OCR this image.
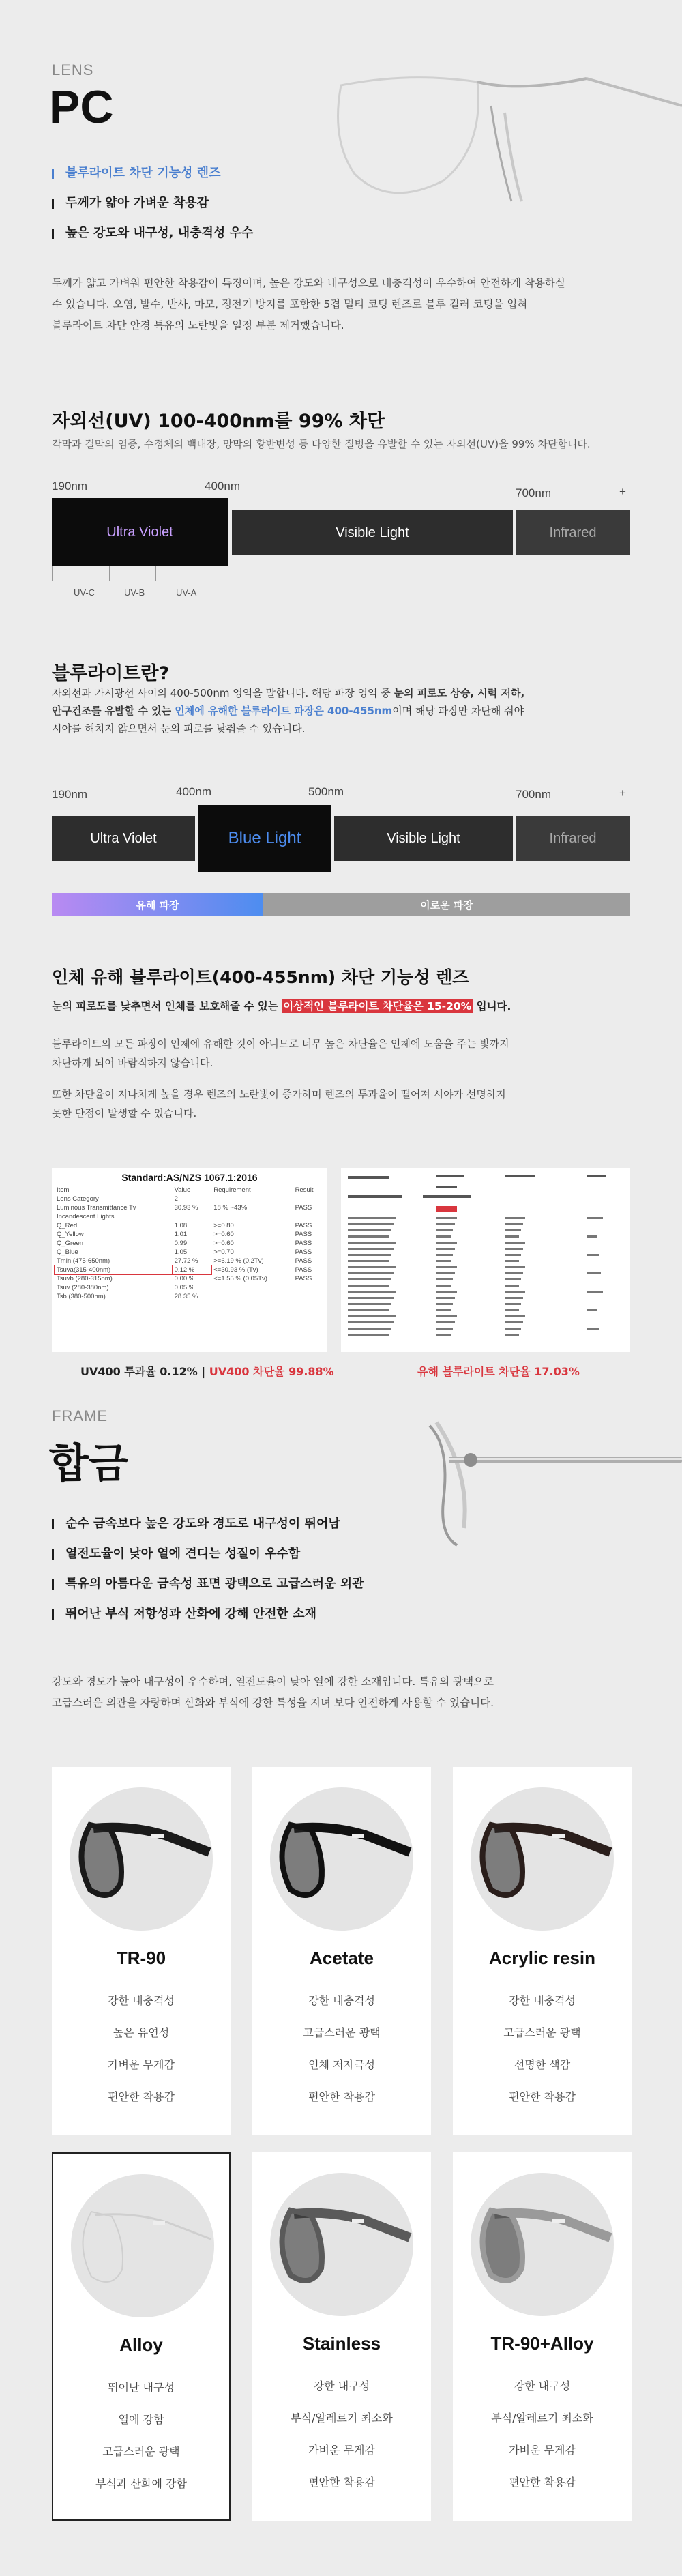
LENS
PC
블루라이트 차단 기능성 렌즈
두께가 얇아 가벼운 착용감
높은 강도와 내구성, 내충격성 우수
두께가 얇고 가벼워 편안한 착용감이 특징이며, 높은 강도와 내구성으로 내충격성이 우수하여 안전하게 착용하실
수 있습니다. 오염, 발수, 반사, 마모, 정전기 방지를 포함한 5겹 멀티 코팅 렌즈로 블루 컬러 코팅을 입혀
블루라이트 차단 안경 특유의 노란빛을 일정 부분 제거했습니다.
자외선(UV) 100-400nm를 99% 차단
각막과 결막의 염증, 수정체의 백내장, 망막의 황반변성 등 다양한 질병을 유발할 수 있는 자외선(UV)을 99% 차단합니다.
190nm	400nm
700nm	+
Ultra Violet	Visible Light	Infrared
UV-C	UV-B	UV-A
블루라이트란?
자외선과 가시광선 사이의 400-500nm 영역을 말합니다. 해당 파장 영역 중 눈의 피로도 상승, 시력 저하,
안구건조를 유발할 수 있는 인체에 유해한 블루라이트 파장은 400-455nm이며 해당 파장만 차단해 줘야
시야를 해치지 않으면서 눈의 피로를 낮춰줄 수 있습니다.
190nm	400nm	500nm	700nm	+
Ultra Violet	Blue Light	Visible Light	Infrared
유해 파장	이로운 파장
인체 유해 블루라이트(400-455nm) 차단 기능성 렌즈
눈의 피로도를 낮추면서 인체를 보호해줄 수 있는 이상적인 블루라이트 차단율은 15-20% 입니다.
블루라이트의 모든 파장이 인체에 유해한 것이 아니므로 너무 높은 차단율은 인체에 도움을 주는 빛까지
차단하게 되어 바람직하지 않습니다.
또한 차단율이 지나치게 높을 경우 렌즈의 노란빛이 증가하며 렌즈의 투과율이 떨어져 시야가 선명하지
못한 단점이 발생할 수 있습니다.
Standard:AS/NZS 1067.1:2016
Item	Value	Requirement	Result
Lens Category	2		
Luminous Transmittance Tv	30.93 %	18 % ~43%	PASS
Incandescent Lights			
Q_Red	1.08	>=0.80	PASS
Q_Yellow	1.01	>=0.60	PASS
Q_Green	0.99	>=0.60	PASS
Q_Blue	1.05	>=0.70	PASS
Tmin (475-650nm)	27.72 %	>=6.19 % (0.2Tv)	PASS
Tsuva(315-400nm)	0.12 %	<=30.93 % (Tv)	PASS
Tsuvb (280-315nm)	0.00 %	<=1.55 % (0.05Tv)	PASS
Tsuv (280-380nm)	0.05 %		
Tsb (380-500nm)	28.35 %		
UV400 투과율 0.12% | UV400 차단율 99.88%	유해 블루라이트 차단율 17.03%
FRAME
합금
순수 금속보다 높은 강도와 경도로 내구성이 뛰어남
열전도율이 낮아 열에 견디는 성질이 우수함
특유의 아름다운 금속성 표면 광택으로 고급스러운 외관
뛰어난 부식 저항성과 산화에 강해 안전한 소재
강도와 경도가 높아 내구성이 우수하며, 열전도율이 낮아 열에 강한 소재입니다. 특유의 광택으로
고급스러운 외관을 자랑하며 산화와 부식에 강한 특성을 지녀 보다 안전하게 사용할 수 있습니다.
TR-90
강한 내충격성
높은 유연성
가벼운 무게감
편안한 착용감
Acetate
강한 내충격성
고급스러운 광택
인체 저자극성
편안한 착용감
Acrylic resin
강한 내충격성
고급스러운 광택
선명한 색감
편안한 착용감
Alloy
뛰어난 내구성
열에 강함
고급스러운 광택
부식과 산화에 강함
Stainless
강한 내구성
부식/알레르기 최소화
가벼운 무게감
편안한 착용감
TR-90+Alloy
강한 내구성
부식/알레르기 최소화
가벼운 무게감
편안한 착용감
